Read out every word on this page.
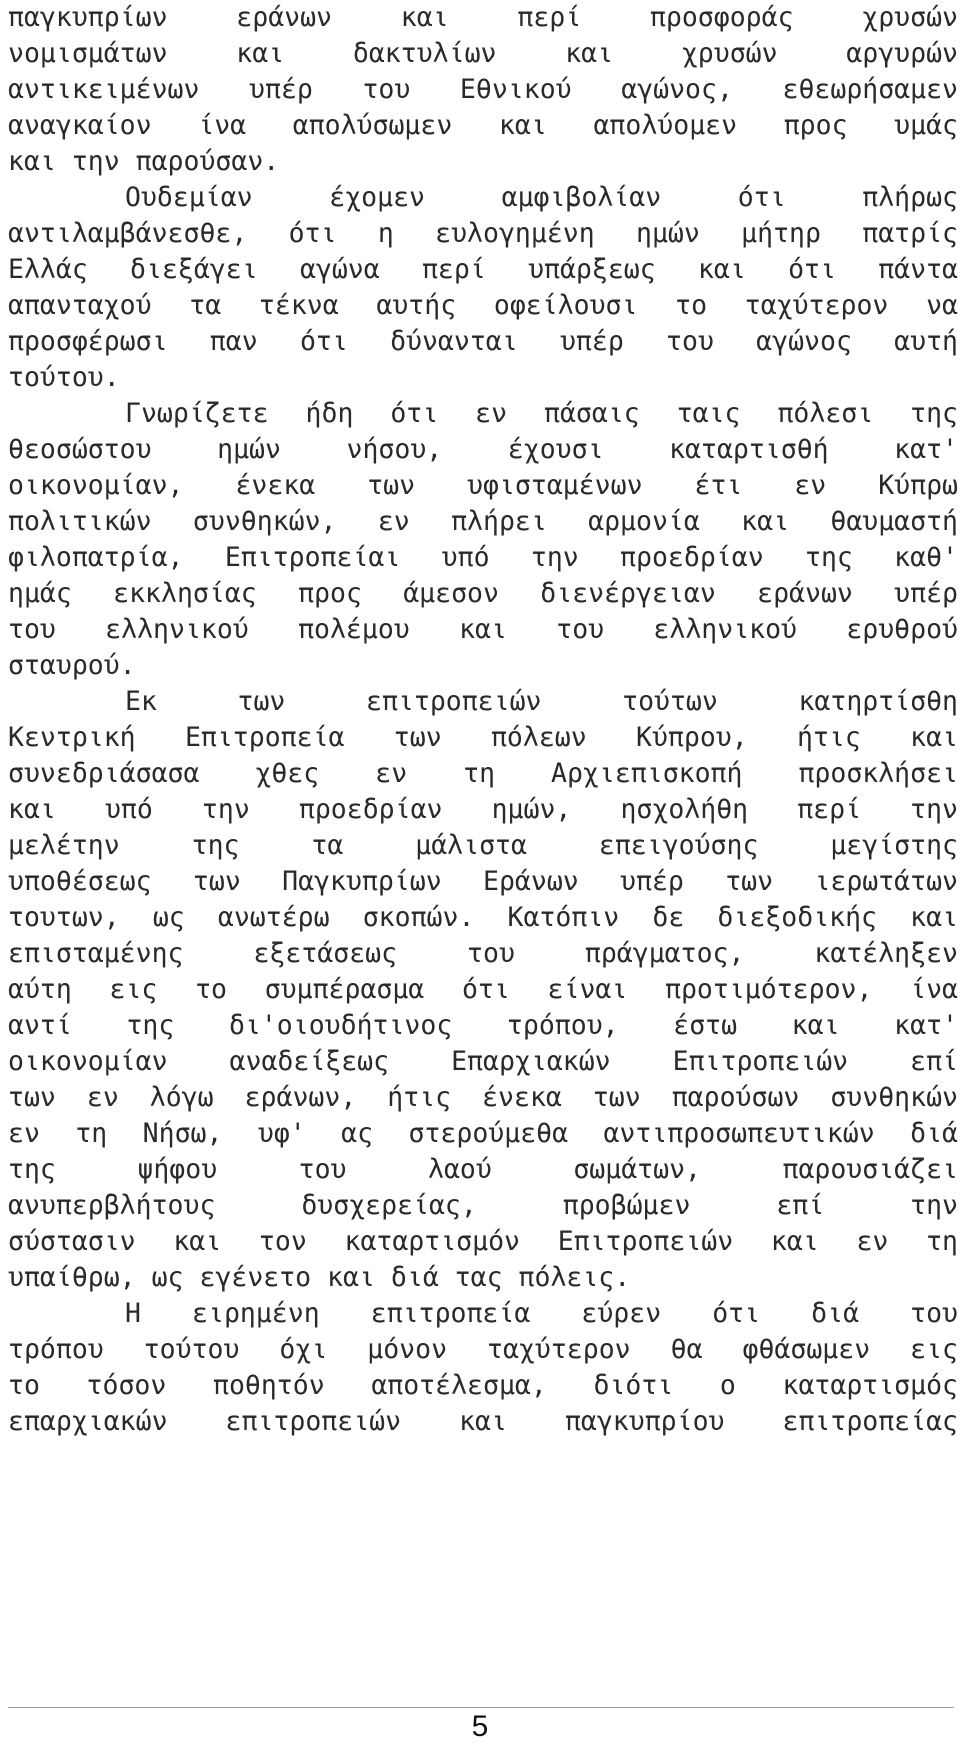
παγκυπρίων εράνων και περί προσφοράς χρυσών
νομισμάτων και δακτυλίων και χρυσών αργυρών
αντικειμένων υπέρ του Εθνικού αγώνος, εθεωρήσαμεν
αναγκαίον ίνα απολύσωμεν και απολύομεν προς υμάς
και την παρούσαν.
Ουδεμίαν έχομεν αμφιβολίαν ότι πλήρως
αντιλαμβάνεσθε, ότι η ευλογημένη ημών μήτηρ πατρίς
Ελλάς διεξάγει αγώνα περί υπάρξεως και ότι πάντα
απανταχού τα τέκνα αυτής οφείλουσι το ταχύτερον να
προσφέρωσι παν ότι δύνανται υπέρ του αγώνος αυτή
τούτου.
Γνωρίζετε ήδη ότι εν πάσαις ταις πόλεσι της
θεοσώστου ημών νήσου, έχουσι καταρτισθή κατ'
οικονομίαν, ένεκα των υφισταμένων έτι εν Κύπρω
πολιτικών συνθηκών, εν πλήρει αρμονία και θαυμαστή
φιλοπατρία, Επιτροπείαι υπό την προεδρίαν της καθ'
ημάς εκκλησίας προς άμεσον διενέργειαν εράνων υπέρ
του ελληνικού πολέμου και του ελληνικού ερυθρού
σταυρού.
Εκ των επιτροπειών τούτων κατηρτίσθη
Κεντρική Επιτροπεία των πόλεων Κύπρου, ήτις και
συνεδριάσασα χθες εν τη Αρχιεπισκοπή προσκλήσει
και υπό την προεδρίαν ημών, ησχολήθη περί την
μελέτην της τα μάλιστα επειγούσης μεγίστης
υποθέσεως των Παγκυπρίων Εράνων υπέρ των ιερωτάτων
τουτων, ως ανωτέρω σκοπών. Κατόπιν δε διεξοδικής και
επισταμένης εξετάσεως του πράγματος, κατέληξεν
αύτη εις το συμπέρασμα ότι είναι προτιμότερον, ίνα
αντί της δι'οιουδήτινος τρόπου, έστω και κατ'
οικονομίαν αναδείξεως Επαρχιακών Επιτροπειών επί
των εν λόγω εράνων, ήτις ένεκα των παρούσων συνθηκών
εν τη Νήσω, υφ' ας στερούμεθα αντιπροσωπευτικών διά
της ψήφου του λαού σωμάτων, παρουσιάζει
ανυπερβλήτους δυσχερείας, προβώμεν επί την
σύστασιν και τον καταρτισμόν Επιτροπειών και εν τη
υπαίθρω, ως εγένετο και διά τας πόλεις.
Η ειρημένη επιτροπεία εύρεν ότι διά του
τρόπου τούτου όχι μόνον ταχύτερον θα φθάσωμεν εις
το τόσον ποθητόν αποτέλεσμα, διότι ο καταρτισμός
επαρχιακών επιτροπειών και παγκυπρίου επιτροπείας
5
